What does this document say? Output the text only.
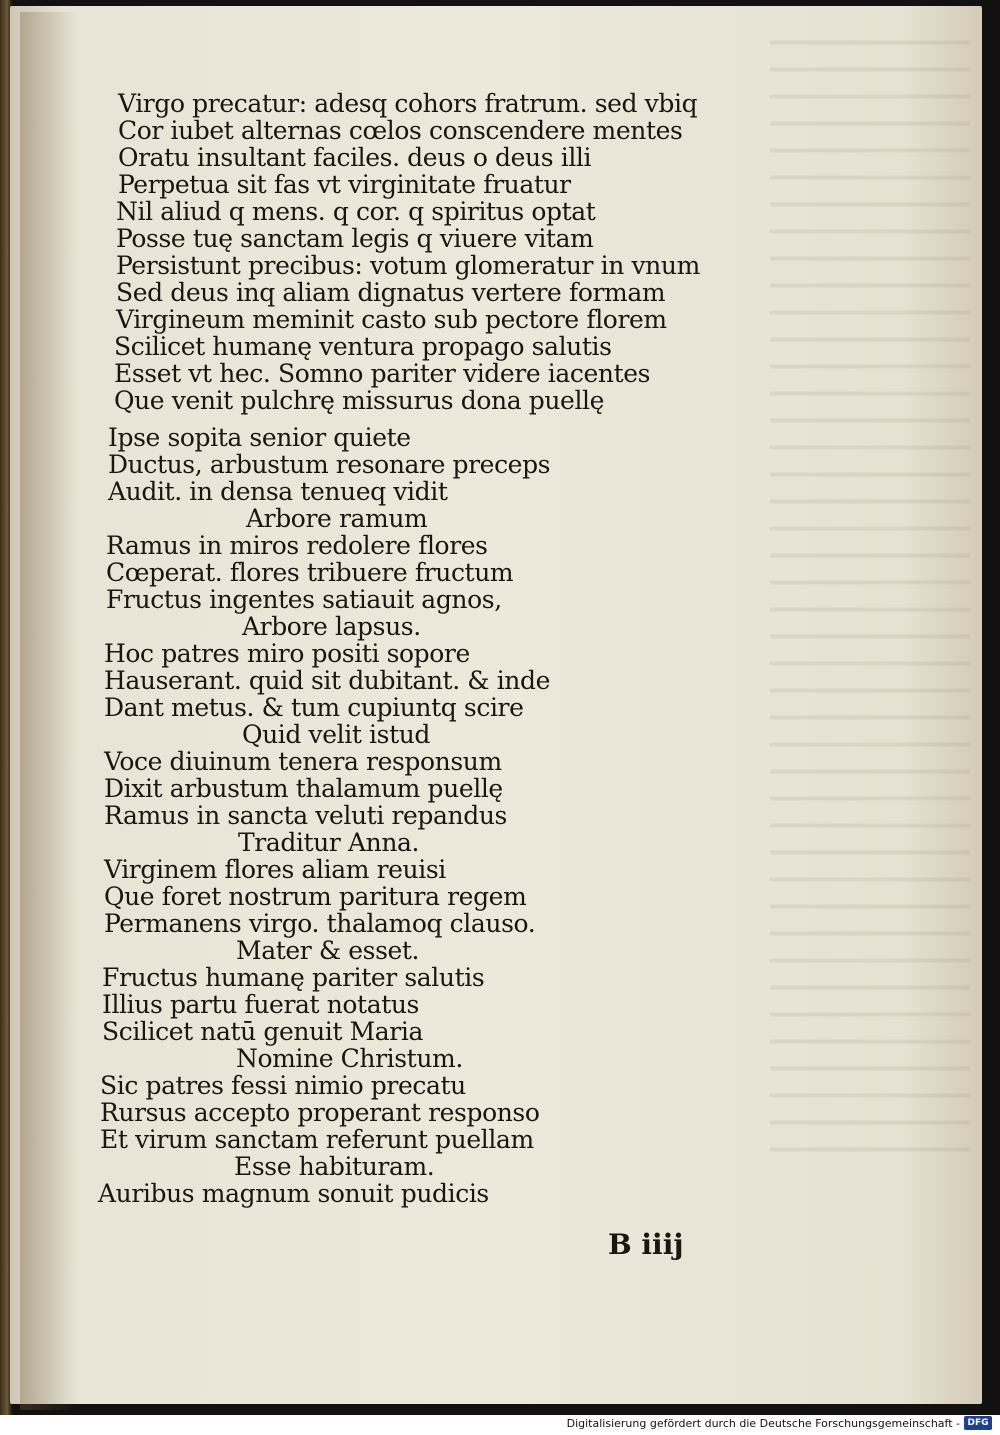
Virgo precatur: adesq cohors fratrum. sed vbiq
Cor iubet alternas cœlos conscendere mentes
Oratu insultant faciles. deus o deus illi
Perpetua sit fas vt virginitate fruatur
Nil aliud q mens. q cor. q spiritus optat
Posse tuę sanctam legis q viuere vitam
Persistunt precibus: votum glomeratur in vnum
Sed deus inq aliam dignatus vertere formam
Virgineum meminit casto sub pectore florem
Scilicet humanę ventura propago salutis
Esset vt hec. Somno pariter videre iacentes
Que venit pulchrę missurus dona puellę
Ipse sopita senior quiete
Ductus, arbustum resonare preceps
Audit. in densa tenueq vidit
Arbore ramum
Ramus in miros redolere flores
Cœperat. flores tribuere fructum
Fructus ingentes satiauit agnos,
Arbore lapsus.
Hoc patres miro positi sopore
Hauserant. quid sit dubitant. & inde
Dant metus. & tum cupiuntq scire
Quid velit istud
Voce diuinum tenera responsum
Dixit arbustum thalamum puellę
Ramus in sancta veluti repandus
Traditur Anna.
Virginem flores aliam reuisi
Que foret nostrum paritura regem
Permanens virgo. thalamoq clauso.
Mater & esset.
Fructus humanę pariter salutis
Illius partu fuerat notatus
Scilicet natū genuit Maria
Nomine Christum.
Sic patres fessi nimio precatu
Rursus accepto properant responso
Et virum sanctam referunt puellam
Esse habituram.
Auribus magnum sonuit pudicis
B iiij
Digitalisierung gefördert durch die Deutsche Forschungsgemeinschaft - DFG
